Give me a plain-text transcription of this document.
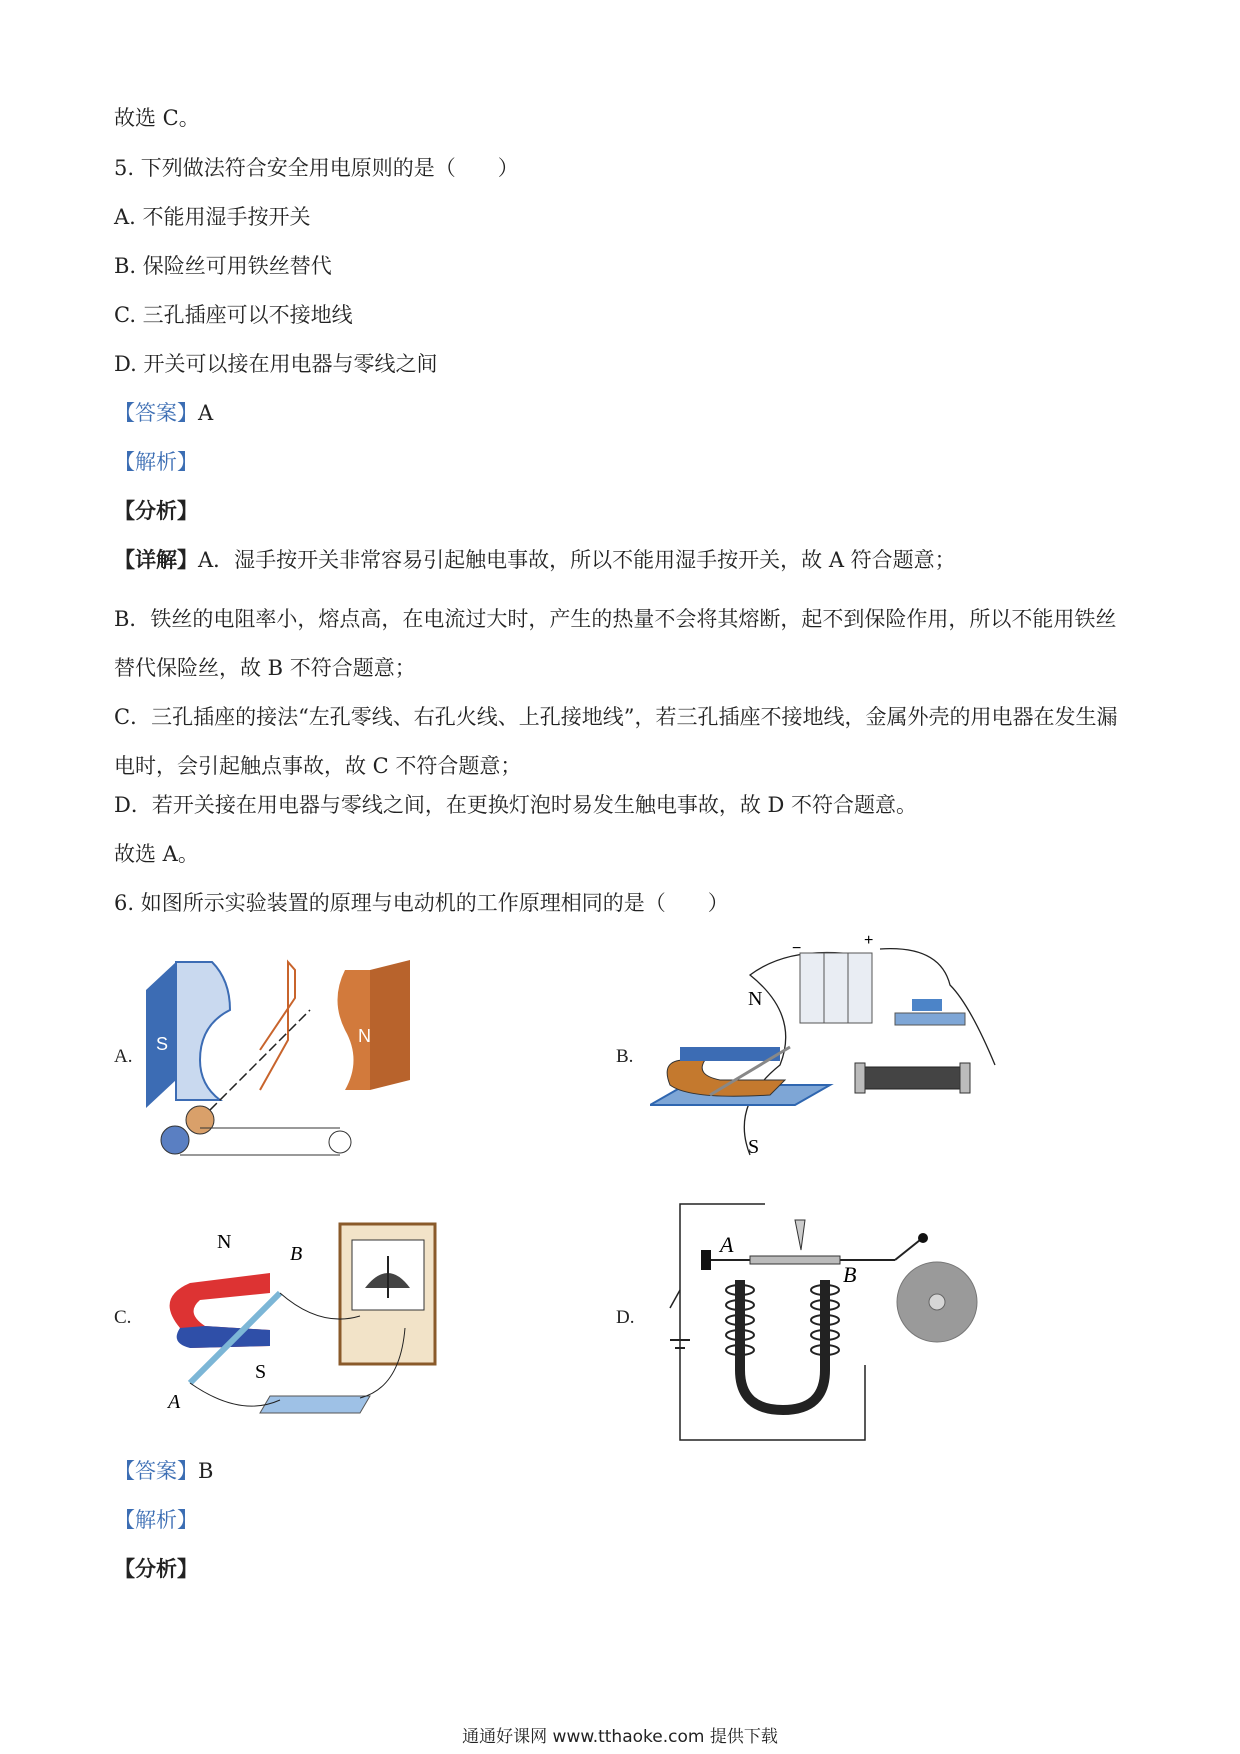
故选 C。
5. 下列做法符合安全用电原则的是（　　）
A. 不能用湿手按开关
B. 保险丝可用铁丝替代
C. 三孔插座可以不接地线
D. 开关可以接在用电器与零线之间
【答案】A
【解析】
【分析】
【详解】A．湿手按开关非常容易引起触电事故，所以不能用湿手按开关，故 A 符合题意；
B．铁丝的电阻率小，熔点高，在电流过大时，产生的热量不会将其熔断，起不到保险作用，所以不能用铁丝替代保险丝，故 B 不符合题意；
C．三孔插座的接法“左孔零线、右孔火线、上孔接地线”，若三孔插座不接地线，金属外壳的用电器在发生漏电时，会引起触点事故，故 C 不符合题意；
D．若开关接在用电器与零线之间，在更换灯泡时易发生触电事故，故 D 不符合题意。
故选 A。
6. 如图所示实验装置的原理与电动机的工作原理相同的是（　　）
A.
S	N
B.
−	+
N
S
C.
N
S
A
B
D.
A
B
【答案】B
【解析】
【分析】
通通好课网 www.tthaoke.com 提供下载
